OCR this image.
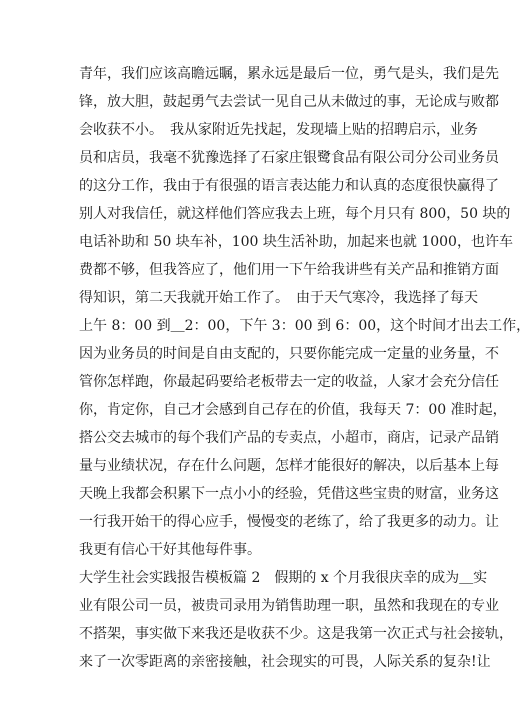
青年，我们应该高瞻远瞩，累永远是最后一位，勇气是头，我们是先
锋，放大胆，鼓起勇气去尝试一见自己从未做过的事，无论成与败都
会收获不小。　我从家附近先找起，发现墙上贴的招聘启示，业务
员和店员，我毫不犹豫选择了石家庄银鹭食品有限公司分公司业务员
的这分工作，我由于有很强的语言表达能力和认真的态度很快赢得了
别人对我信任，就这样他们答应我去上班，每个月只有 800，50 块的
电话补助和 50 块车补，100 块生活补助，加起来也就 1000，也许车
费都不够，但我答应了，他们用一下午给我讲些有关产品和推销方面
得知识，第二天我就开始工作了。　由于天气寒冷，我选择了每天
上午 8：00 到＿2：00，下午 3：00 到 6：00，这个时间才出去工作，
因为业务员的时间是自由支配的，只要你能完成一定量的业务量，不
管你怎样跑，你最起码要给老板带去一定的收益，人家才会充分信任
你，肯定你，自己才会感到自己存在的价值，我每天 7：00 准时起，
搭公交去城市的每个我们产品的专卖点，小超市，商店，记录产品销
量与业绩状况，存在什么问题，怎样才能很好的解决，以后基本上每
天晚上我都会积累下一点小小的经验，凭借这些宝贵的财富，业务这
一行我开始干的得心应手，慢慢变的老练了，给了我更多的动力。让
我更有信心干好其他每件事。
大学生社会实践报告模板篇 2　假期的 x 个月我很庆幸的成为＿实
业有限公司一员，被贵司录用为销售助理一职，虽然和我现在的专业
不搭架，事实做下来我还是收获不少。这是我第一次正式与社会接轨，
来了一次零距离的亲密接触，社会现实的可畏，人际关系的复杂!让
